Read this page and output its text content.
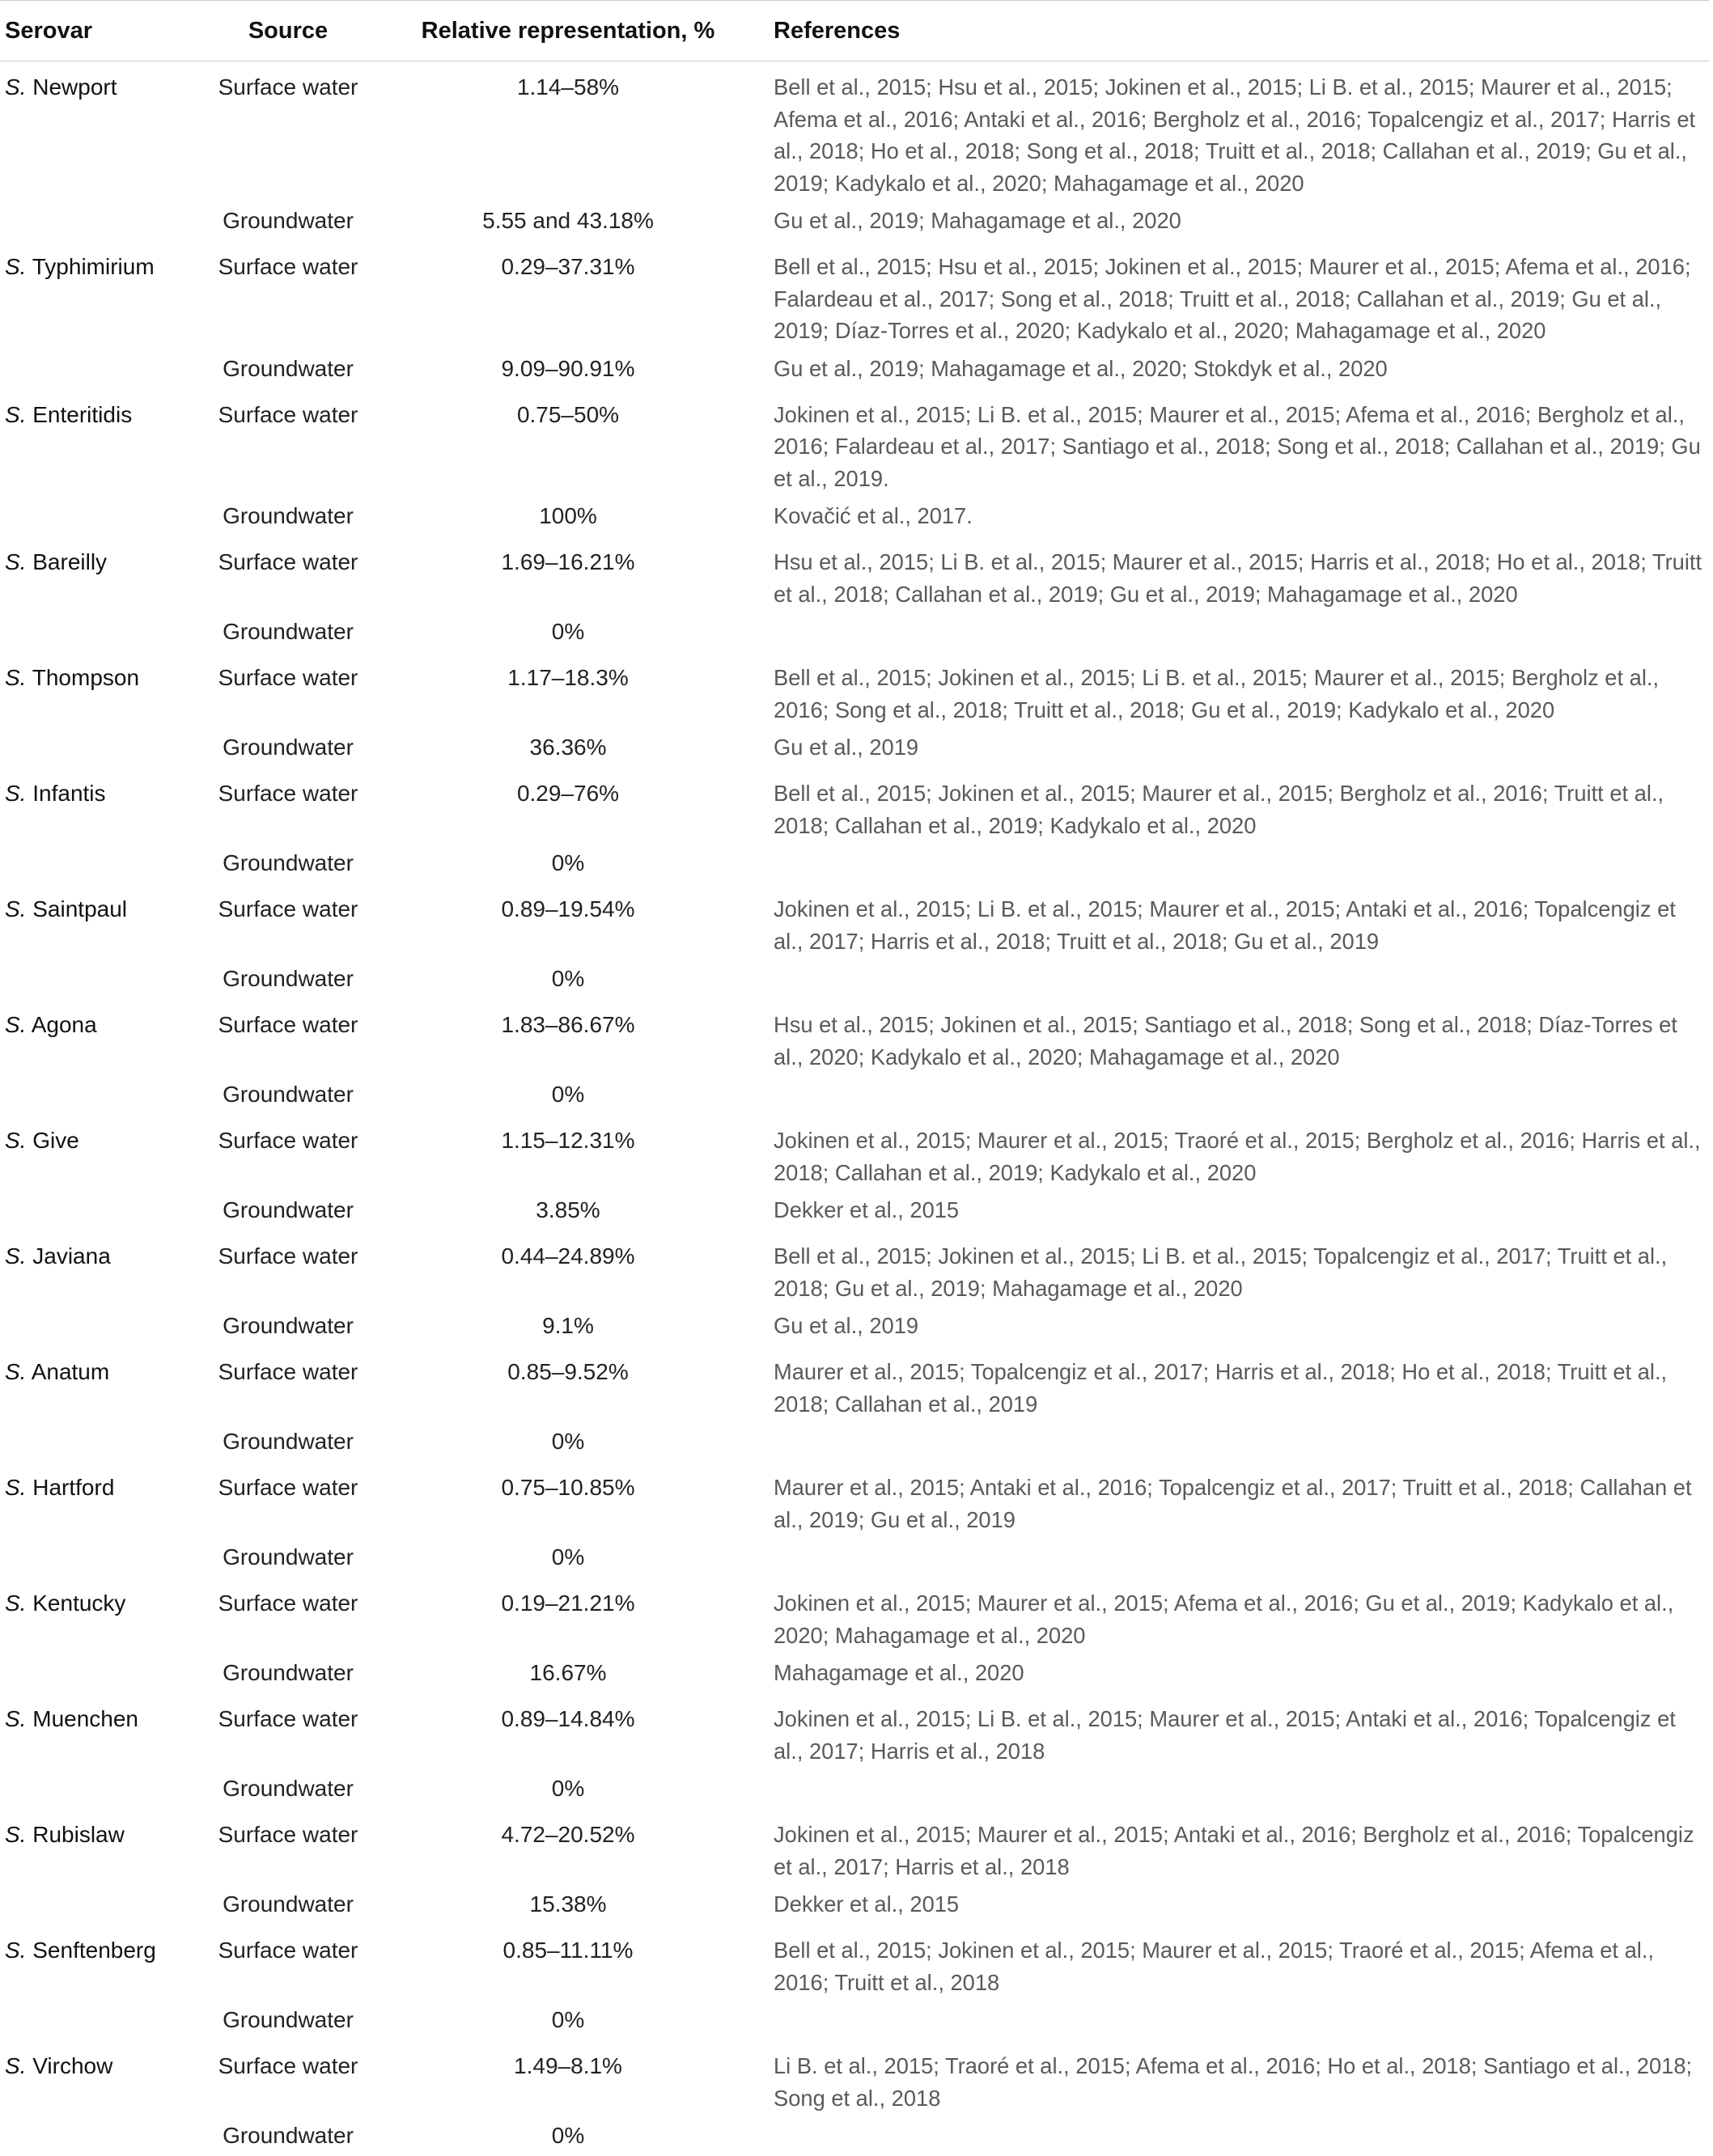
Serovar	Source	Relative representation, %	References
S. Newport	Surface water	1.14–58%	Bell et al., 2015; Hsu et al., 2015; Jokinen et al., 2015; Li B. et al., 2015; Maurer et al., 2015; Afema et al., 2016; Antaki et al., 2016; Bergholz et al., 2016; Topalcengiz et al., 2017; Harris et al., 2018; Ho et al., 2018; Song et al., 2018; Truitt et al., 2018; Callahan et al., 2019; Gu et al., 2019; Kadykalo et al., 2020; Mahagamage et al., 2020
	Groundwater	5.55 and 43.18%	Gu et al., 2019; Mahagamage et al., 2020
S. Typhimirium	Surface water	0.29–37.31%	Bell et al., 2015; Hsu et al., 2015; Jokinen et al., 2015; Maurer et al., 2015; Afema et al., 2016; Falardeau et al., 2017; Song et al., 2018; Truitt et al., 2018; Callahan et al., 2019; Gu et al., 2019; Díaz-Torres et al., 2020; Kadykalo et al., 2020; Mahagamage et al., 2020
	Groundwater	9.09–90.91%	Gu et al., 2019; Mahagamage et al., 2020; Stokdyk et al., 2020
S. Enteritidis	Surface water	0.75–50%	Jokinen et al., 2015; Li B. et al., 2015; Maurer et al., 2015; Afema et al., 2016; Bergholz et al., 2016; Falardeau et al., 2017; Santiago et al., 2018; Song et al., 2018; Callahan et al., 2019; Gu et al., 2019.
	Groundwater	100%	Kovačić et al., 2017.
S. Bareilly	Surface water	1.69–16.21%	Hsu et al., 2015; Li B. et al., 2015; Maurer et al., 2015; Harris et al., 2018; Ho et al., 2018; Truitt et al., 2018; Callahan et al., 2019; Gu et al., 2019; Mahagamage et al., 2020
	Groundwater	0%	
S. Thompson	Surface water	1.17–18.3%	Bell et al., 2015; Jokinen et al., 2015; Li B. et al., 2015; Maurer et al., 2015; Bergholz et al., 2016; Song et al., 2018; Truitt et al., 2018; Gu et al., 2019; Kadykalo et al., 2020
	Groundwater	36.36%	Gu et al., 2019
S. Infantis	Surface water	0.29–76%	Bell et al., 2015; Jokinen et al., 2015; Maurer et al., 2015; Bergholz et al., 2016; Truitt et al., 2018; Callahan et al., 2019; Kadykalo et al., 2020
	Groundwater	0%	
S. Saintpaul	Surface water	0.89–19.54%	Jokinen et al., 2015; Li B. et al., 2015; Maurer et al., 2015; Antaki et al., 2016; Topalcengiz et al., 2017; Harris et al., 2018; Truitt et al., 2018; Gu et al., 2019
	Groundwater	0%	
S. Agona	Surface water	1.83–86.67%	Hsu et al., 2015; Jokinen et al., 2015; Santiago et al., 2018; Song et al., 2018; Díaz-Torres et al., 2020; Kadykalo et al., 2020; Mahagamage et al., 2020
	Groundwater	0%	
S. Give	Surface water	1.15–12.31%	Jokinen et al., 2015; Maurer et al., 2015; Traoré et al., 2015; Bergholz et al., 2016; Harris et al., 2018; Callahan et al., 2019; Kadykalo et al., 2020
	Groundwater	3.85%	Dekker et al., 2015
S. Javiana	Surface water	0.44–24.89%	Bell et al., 2015; Jokinen et al., 2015; Li B. et al., 2015; Topalcengiz et al., 2017; Truitt et al., 2018; Gu et al., 2019; Mahagamage et al., 2020
	Groundwater	9.1%	Gu et al., 2019
S. Anatum	Surface water	0.85–9.52%	Maurer et al., 2015; Topalcengiz et al., 2017; Harris et al., 2018; Ho et al., 2018; Truitt et al., 2018; Callahan et al., 2019
	Groundwater	0%	
S. Hartford	Surface water	0.75–10.85%	Maurer et al., 2015; Antaki et al., 2016; Topalcengiz et al., 2017; Truitt et al., 2018; Callahan et al., 2019; Gu et al., 2019
	Groundwater	0%	
S. Kentucky	Surface water	0.19–21.21%	Jokinen et al., 2015; Maurer et al., 2015; Afema et al., 2016; Gu et al., 2019; Kadykalo et al., 2020; Mahagamage et al., 2020
	Groundwater	16.67%	Mahagamage et al., 2020
S. Muenchen	Surface water	0.89–14.84%	Jokinen et al., 2015; Li B. et al., 2015; Maurer et al., 2015; Antaki et al., 2016; Topalcengiz et al., 2017; Harris et al., 2018
	Groundwater	0%	
S. Rubislaw	Surface water	4.72–20.52%	Jokinen et al., 2015; Maurer et al., 2015; Antaki et al., 2016; Bergholz et al., 2016; Topalcengiz et al., 2017; Harris et al., 2018
	Groundwater	15.38%	Dekker et al., 2015
S. Senftenberg	Surface water	0.85–11.11%	Bell et al., 2015; Jokinen et al., 2015; Maurer et al., 2015; Traoré et al., 2015; Afema et al., 2016; Truitt et al., 2018
	Groundwater	0%	
S. Virchow	Surface water	1.49–8.1%	Li B. et al., 2015; Traoré et al., 2015; Afema et al., 2016; Ho et al., 2018; Santiago et al., 2018; Song et al., 2018
	Groundwater	0%	
